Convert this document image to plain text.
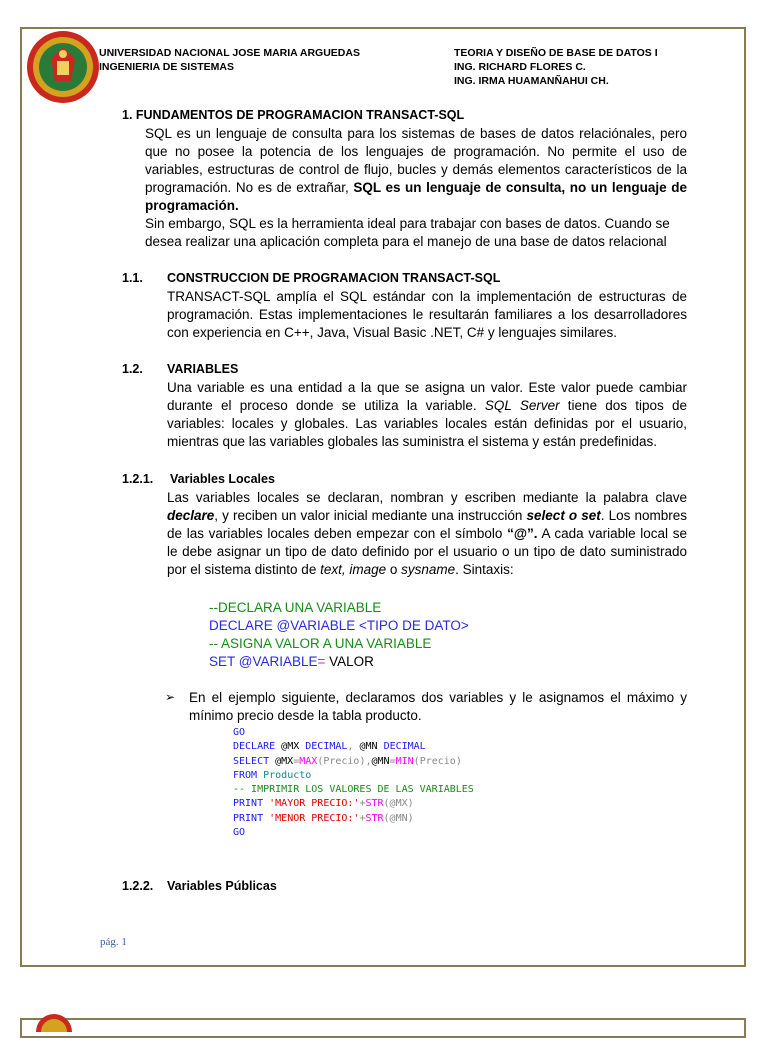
UNIVERSIDAD NACIONAL JOSE MARIA ARGUEDAS
INGENIERIA DE SISTEMAS
TEORIA Y DISEÑO DE BASE DE DATOS I
ING. RICHARD FLORES C.
ING. IRMA HUAMANÑAHUI CH.
1. FUNDAMENTOS DE PROGRAMACION TRANSACT-SQL
SQL es un lenguaje de consulta para los sistemas de bases de datos relaciónales, pero que no posee la potencia de los lenguajes de programación. No permite el uso de variables, estructuras de control de flujo, bucles y demás elementos característicos de la programación. No es de extrañar, SQL es un lenguaje de consulta, no un lenguaje de programación.
Sin embargo, SQL es la herramienta ideal para trabajar con bases de datos. Cuando se desea realizar una aplicación completa para el manejo de una base de datos relacional
1.1. CONSTRUCCION DE PROGRAMACION TRANSACT-SQL
TRANSACT-SQL amplía el SQL estándar con la implementación de estructuras de programación. Estas implementaciones le resultarán familiares a los desarrolladores con experiencia en C++, Java, Visual Basic .NET, C# y lenguajes similares.
1.2. VARIABLES
Una variable es una entidad a la que se asigna un valor. Este valor puede cambiar durante el proceso donde se utiliza la variable. SQL Server tiene dos tipos de variables: locales y globales. Las variables locales están definidas por el usuario, mientras que las variables globales las suministra el sistema y están predefinidas.
1.2.1. Variables Locales
Las variables locales se declaran, nombran y escriben mediante la palabra clave declare, y reciben un valor inicial mediante una instrucción select o set. Los nombres de las variables locales deben empezar con el símbolo “@”. A cada variable local se le debe asignar un tipo de dato definido por el usuario o un tipo de dato suministrado por el sistema distinto de text, image o sysname. Sintaxis:
--DECLARA UNA VARIABLE
DECLARE @VARIABLE <TIPO DE DATO>
-- ASIGNA VALOR A UNA VARIABLE
SET @VARIABLE= VALOR
➢ En el ejemplo siguiente, declaramos dos variables y le asignamos el máximo y mínimo precio desde la tabla producto.
GO
DECLARE @MX DECIMAL, @MN DECIMAL
SELECT @MX=MAX(Precio),@MN=MIN(Precio)
FROM Producto
-- IMPRIMIR LOS VALORES DE LAS VARIABLES
PRINT 'MAYOR PRECIO:'+STR(@MX)
PRINT 'MENOR PRECIO:'+STR(@MN)
GO
1.2.2. Variables Públicas
pág. 1
